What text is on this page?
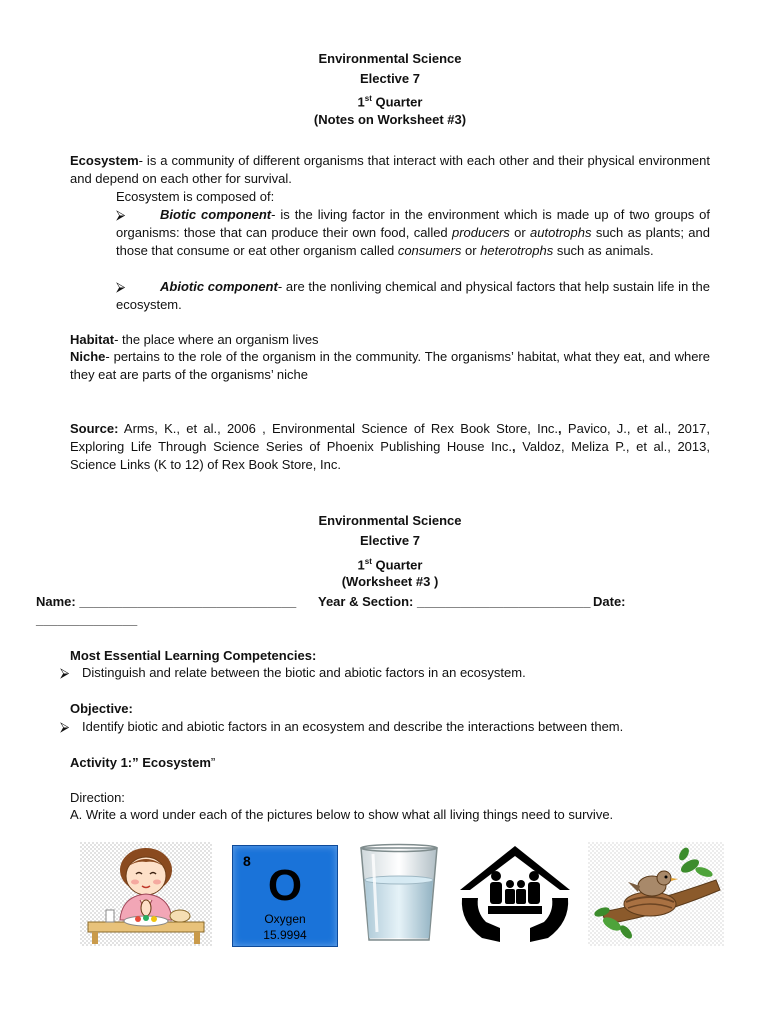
Environmental Science
Elective 7
1st Quarter
(Notes on Worksheet #3)
Ecosystem- is a community of different organisms that interact with each other and their physical environment and depend on each other for survival.
Ecosystem is composed of:
⮚	Biotic component- is the living factor in the environment which is made up of two groups of organisms: those that can produce their own food, called producers or autotrophs such as plants; and those that consume or eat other organism called consumers or heterotrophs such as animals.
⮚	Abiotic component- are the nonliving chemical and physical factors that help sustain life in the ecosystem.
Habitat- the place where an organism lives
Niche- pertains to the role of the organism in the community. The organisms’ habitat, what they eat, and where they eat are parts of the organisms’ niche
Source: Arms, K., et al., 2006 , Environmental Science of Rex Book Store, Inc., Pavico, J., et al., 2017, Exploring Life Through Science Series of Phoenix Publishing House Inc., Valdoz, Meliza P., et al., 2013, Science Links (K to 12) of Rex Book Store, Inc.
Environmental Science
Elective 7
1st Quarter
(Worksheet #3 )
Name: ______________________________ Year & Section: ________________________ Date:
______________
Most Essential Learning Competencies:
⮚ Distinguish and relate between the biotic and abiotic factors in an ecosystem.
Objective:
⮚ Identify biotic and abiotic factors in an ecosystem and describe the interactions between them.
Activity 1:” Ecosystem”
Direction:
A. Write a word under each of the pictures below to show what all living things need to survive.
8 O
Oxygen
15.9994
